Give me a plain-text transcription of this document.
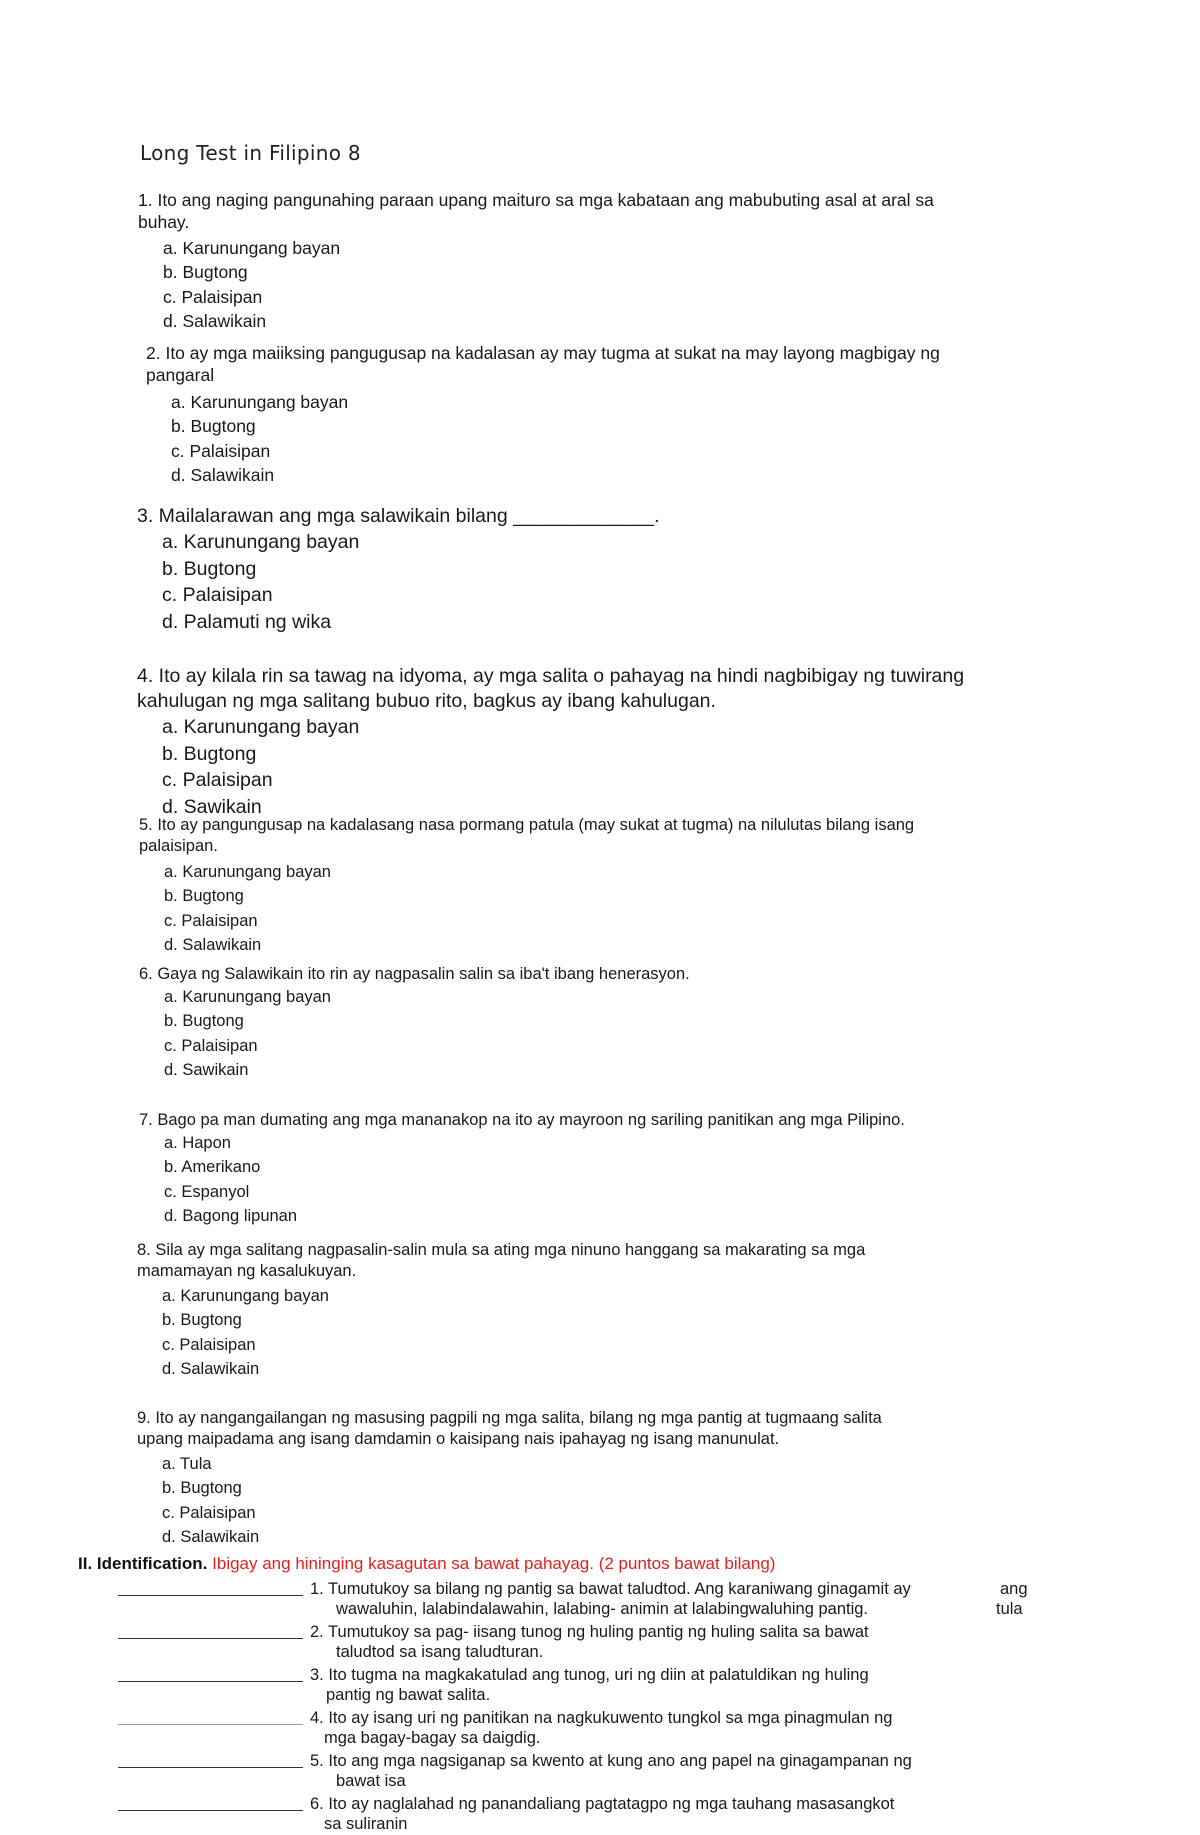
Long Test in Filipino 8

1. Ito ang naging pangunahing paraan upang maituro sa mga kabataan ang mabubuting asal at aral sa

buhay.

a. Karunungang bayan
b. Bugtong
c. Palaisipan
d. Salawikain

2. Ito ay mga maiiksing pangugusap na kadalasan ay may tugma at sukat na may layong magbigay ng

pangaral

a. Karunungang bayan
b. Bugtong
c. Palaisipan
d. Salawikain

3. Mailalarawan ang mga salawikain bilang _____________.

a. Karunungang bayan
b. Bugtong
c. Palaisipan
d. Palamuti ng wika

4. Ito ay kilala rin sa tawag na idyoma, ay mga salita o pahayag na hindi nagbibigay ng tuwirang

kahulugan ng mga salitang bubuo rito, bagkus ay ibang kahulugan.

a. Karunungang bayan
b. Bugtong
c. Palaisipan
d. Sawikain

5. Ito ay pangungusap na kadalasang nasa pormang patula (may sukat at tugma) na nilulutas bilang isang

palaisipan.

a. Karunungang bayan
b. Bugtong
c. Palaisipan
d. Salawikain

6. Gaya ng Salawikain ito rin ay nagpasalin salin sa iba't ibang henerasyon.

a. Karunungang bayan
b. Bugtong
c. Palaisipan
d. Sawikain

7. Bago pa man dumating ang mga mananakop na ito ay mayroon ng sariling panitikan ang mga Pilipino.

a. Hapon
b. Amerikano
c. Espanyol
d. Bagong lipunan

8. Sila ay mga salitang nagpasalin-salin mula sa ating mga ninuno hanggang sa makarating sa mga

mamamayan ng kasalukuyan.

a. Karunungang bayan
b. Bugtong
c. Palaisipan
d. Salawikain

9. Ito ay nangangailangan ng masusing pagpili ng mga salita, bilang ng mga pantig at tugmaang salita

upang maipadama ang isang damdamin o kaisipang nais ipahayag ng isang manunulat.

a. Tula
b. Bugtong
c. Palaisipan
d. Salawikain
II. Identification. Ibigay ang hininging kasagutan sa bawat pahayag. (2 puntos bawat bilang)
1. Tumutukoy sa bilang ng pantig sa bawat taludtod. Ang karaniwang ginagamit ay
wawaluhin, lalabindalawahin, lalabing- animin at lalabingwaluhing pantig.
ang
tula
2. Tumutukoy sa pag- iisang tunog ng huling pantig ng huling salita sa bawat
taludtod sa isang taludturan.
3. Ito tugma na magkakatulad ang tunog, uri ng diin at palatuldikan ng huling
pantig ng bawat salita.
4. Ito ay isang uri ng panitikan na nagkukuwento tungkol sa mga pinagmulan ng
mga bagay-bagay sa daigdig.
5. Ito ang mga nagsiganap sa kwento at kung ano ang papel na ginagampanan ng
bawat isa
6. Ito ay naglalahad ng panandaliang pagtatagpo ng mga tauhang masasangkot
sa suliranin
